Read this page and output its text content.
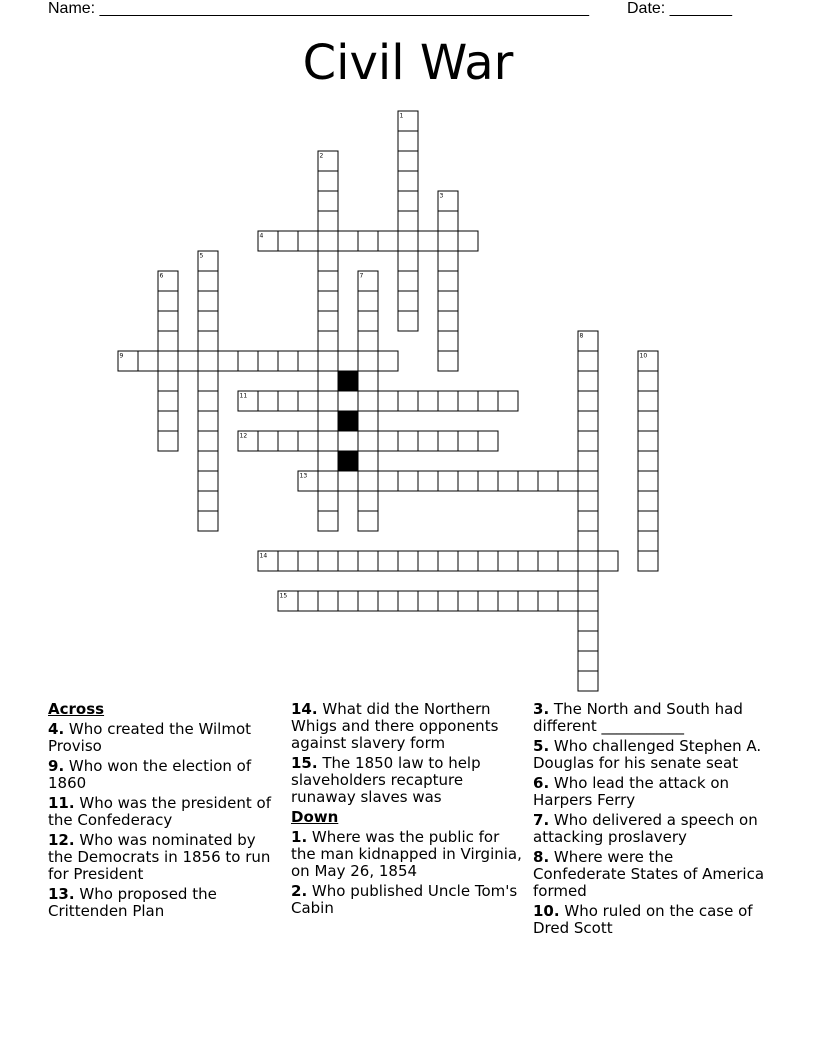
Name: _______________________________________________________ Date: _______
Civil War
1
2
3
4
5
6	7
8
9	10
11
12
13
14
15
Across
4 . Who created the Wilmot Proviso
9 . Who won the election of 1860
11 . Who was the president of the Confederacy
12 . Who was nominated by the Democrats in 1856 to run for President
13 . Who proposed the Crittenden Plan
14 . What did the Northern Whigs and there opponents against slavery form
15 . The 1850 law to help slaveholders recapture runaway slaves was
Down
1 . Where was the public for the man kidnapped in Virginia, on May 26, 1854
2 . Who published Uncle Tom's Cabin
3 . The North and South had different ___________
5 . Who challenged Stephen A. Douglas for his senate seat
6 . Who lead the attack on Harpers Ferry
7 . Who delivered a speech on attacking proslavery
8 . Where were the Confederate States of America formed
10 . Who ruled on the case of Dred Scott
